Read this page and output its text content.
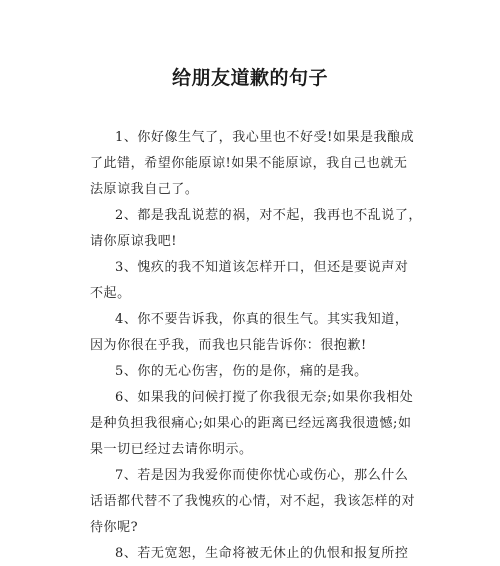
给朋友道歉的句子
1、你好像生气了，我心里也不好受!如果是我酿成
了此错，希望你能原谅!如果不能原谅，我自己也就无
法原谅我自己了。
2、都是我乱说惹的祸，对不起，我再也不乱说了，
请你原谅我吧!
3、愧疚的我不知道该怎样开口，但还是要说声对
不起。
4、你不要告诉我，你真的很生气。其实我知道，
因为你很在乎我，而我也只能告诉你：很抱歉!
5、你的无心伤害，伤的是你，痛的是我。
6、如果我的问候打搅了你我很无奈;如果你我相处
是种负担我很痛心;如果心的距离已经远离我很遗憾;如
果一切已经过去请你明示。
7、若是因为我爱你而使你忧心或伤心，那么什么
话语都代替不了我愧疚的心情，对不起，我该怎样的对
待你呢?
8、若无宽恕，生命将被无休止的仇恨和报复所控
